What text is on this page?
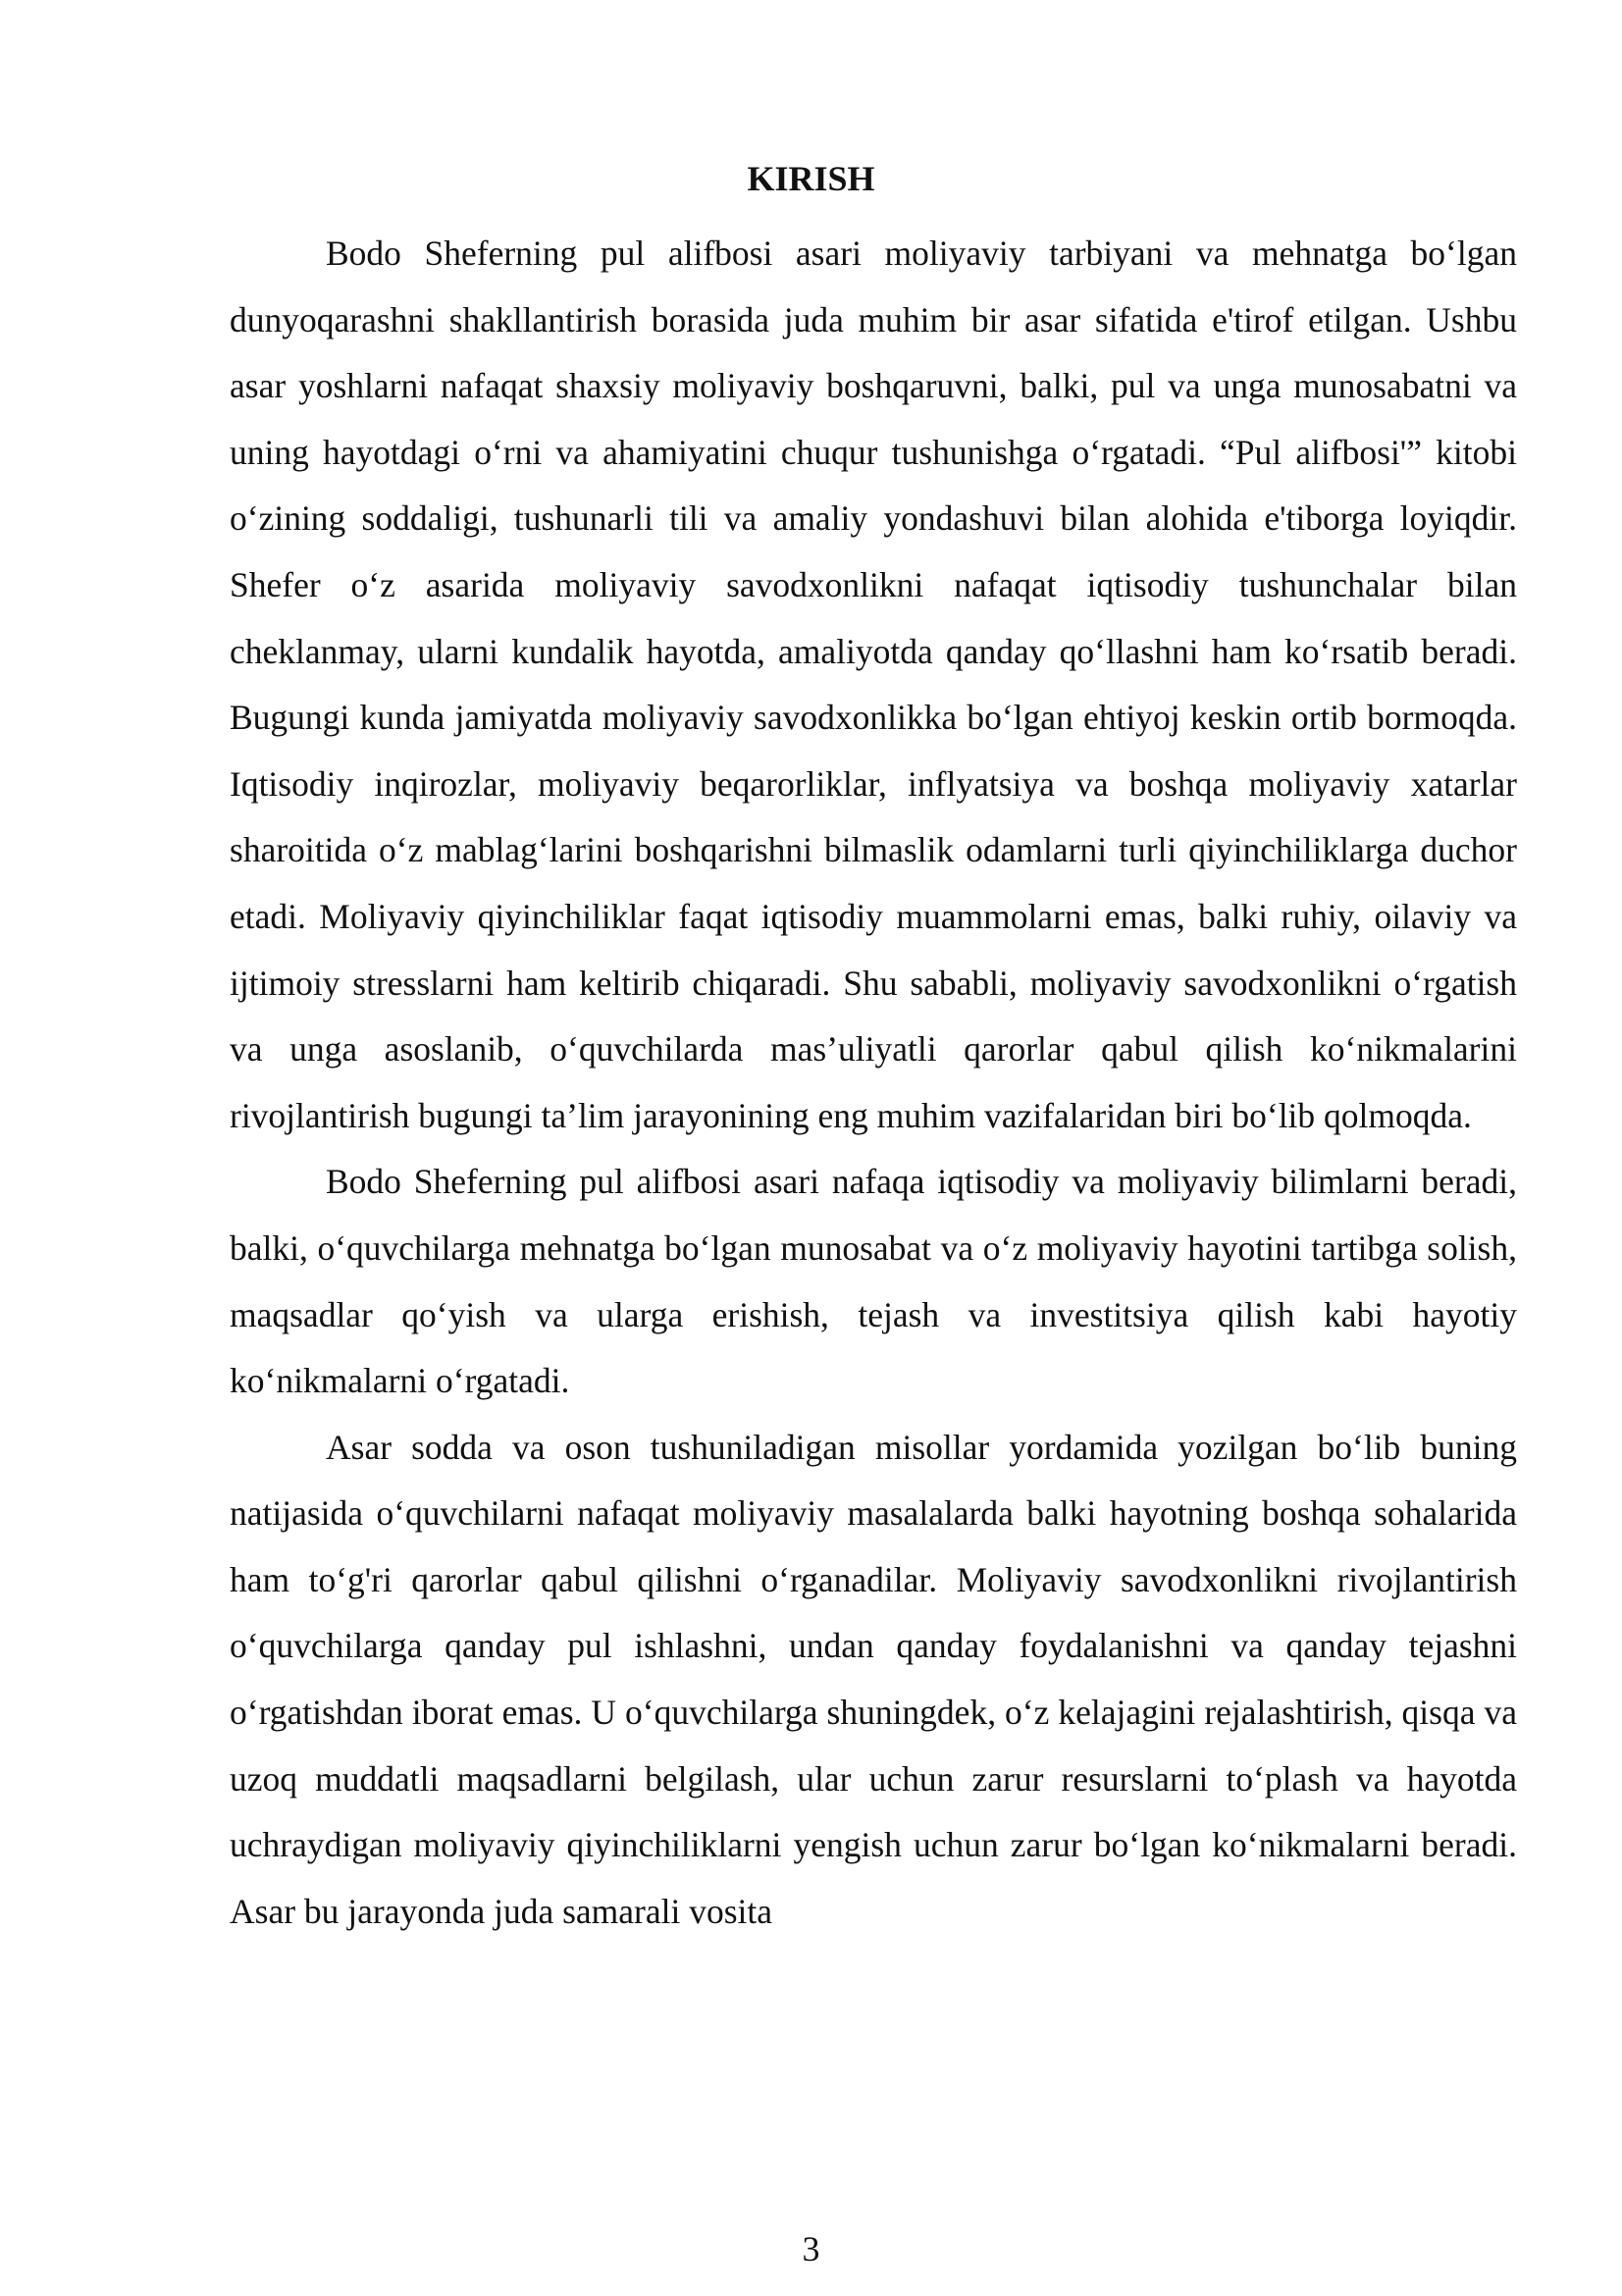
KIRISH

Bodo Sheferning pul alifbosi asari moliyaviy tarbiyani va mehnatga bo‘lgan dunyoqarashni shakllantirish borasida juda muhim bir asar sifatida e'tirof etilgan. Ushbu asar yoshlarni nafaqat shaxsiy moliyaviy boshqaruvni, balki, pul va unga munosabatni va uning hayotdagi o‘rni va ahamiyatini chuqur tushunishga o‘rgatadi. “Pul alifbosi'” kitobi o‘zining soddaligi, tushunarli tili va amaliy yondashuvi bilan alohida e'tiborga loyiqdir. Shefer o‘z asarida moliyaviy savodxonlikni nafaqat iqtisodiy tushunchalar bilan cheklanmay, ularni kundalik hayotda, amaliyotda qanday qo‘llashni ham ko‘rsatib beradi. Bugungi kunda jamiyatda moliyaviy savodxonlikka bo‘lgan ehtiyoj keskin ortib bormoqda. Iqtisodiy inqirozlar, moliyaviy beqarorliklar, inflyatsiya va boshqa moliyaviy xatarlar sharoitida o‘z mablag‘larini boshqarishni bilmaslik odamlarni turli qiyinchiliklarga duchor etadi. Moliyaviy qiyinchiliklar faqat iqtisodiy muammolarni emas, balki ruhiy, oilaviy va ijtimoiy stresslarni ham keltirib chiqaradi. Shu sababli, moliyaviy savodxonlikni o‘rgatish va unga asoslanib, o‘quvchilarda mas’uliyatli qarorlar qabul qilish ko‘nikmalarini rivojlantirish bugungi ta’lim jarayonining eng muhim vazifalaridan biri bo‘lib qolmoqda.

Bodo Sheferning pul alifbosi asari nafaqa iqtisodiy va moliyaviy bilimlarni beradi, balki, o‘quvchilarga mehnatga bo‘lgan munosabat va o‘z moliyaviy hayotini tartibga solish, maqsadlar qo‘yish va ularga erishish, tejash va investitsiya qilish kabi hayotiy ko‘nikmalarni o‘rgatadi.

Asar sodda va oson tushuniladigan misollar yordamida yozilgan bo‘lib buning natijasida o‘quvchilarni nafaqat moliyaviy masalalarda balki hayotning boshqa sohalarida ham to‘g'ri qarorlar qabul qilishni o‘rganadilar. Moliyaviy savodxonlikni rivojlantirish o‘quvchilarga qanday pul ishlashni, undan qanday foydalanishni va qanday tejashni o‘rgatishdan iborat emas. U o‘quvchilarga shuningdek, o‘z kelajagini rejalashtirish, qisqa va uzoq muddatli maqsadlarni belgilash, ular uchun zarur resurslarni to‘plash va hayotda uchraydigan moliyaviy qiyinchiliklarni yengish uchun zarur bo‘lgan ko‘nikmalarni beradi. Asar bu jarayonda juda samarali vosita

3
